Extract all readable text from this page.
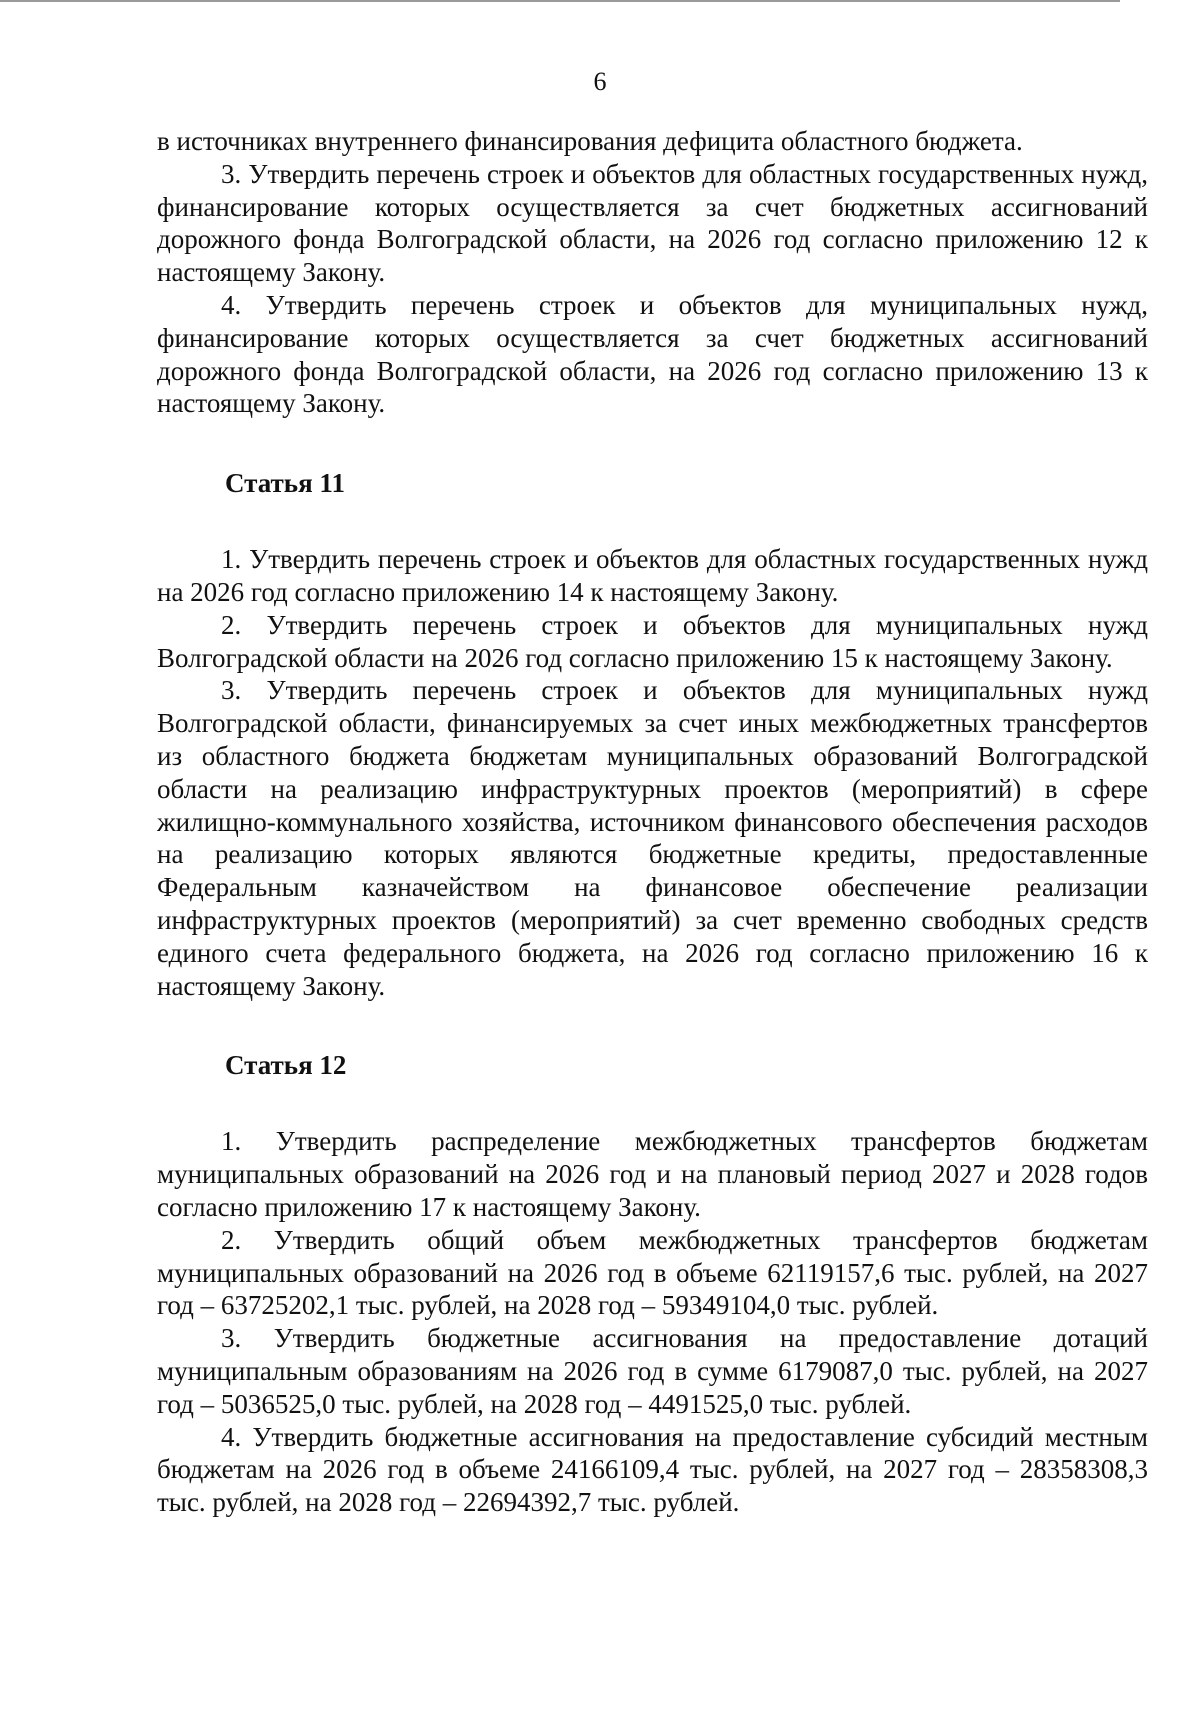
6

в источниках внутреннего финансирования дефицита областного бюджета.

3. Утвердить перечень строек и объектов для областных государственных нужд, финансирование которых осуществляется за счет бюджетных ассигнований дорожного фонда Волгоградской области, на 2026 год согласно приложению 12 к настоящему Закону.

4. Утвердить перечень строек и объектов для муниципальных нужд, финансирование которых осуществляется за счет бюджетных ассигнований дорожного фонда Волгоградской области, на 2026 год согласно приложению 13 к настоящему Закону.

Статья 11

1. Утвердить перечень строек и объектов для областных государственных нужд на 2026 год согласно приложению 14 к настоящему Закону.

2. Утвердить перечень строек и объектов для муниципальных нужд Волгоградской области на 2026 год согласно приложению 15 к настоящему Закону.

3. Утвердить перечень строек и объектов для муниципальных нужд Волгоградской области, финансируемых за счет иных межбюджетных трансфертов из областного бюджета бюджетам муниципальных образований Волгоградской области на реализацию инфраструктурных проектов (мероприятий) в сфере жилищно-коммунального хозяйства, источником финансового обеспечения расходов на реализацию которых являются бюджетные кредиты, предоставленные Федеральным казначейством на финансовое обеспечение реализации инфраструктурных проектов (мероприятий) за счет временно свободных средств единого счета федерального бюджета, на 2026 год согласно приложению 16 к настоящему Закону.

Статья 12

1. Утвердить распределение межбюджетных трансфертов бюджетам муниципальных образований на 2026 год и на плановый период 2027 и 2028 годов согласно приложению 17 к настоящему Закону.

2. Утвердить общий объем межбюджетных трансфертов бюджетам муниципальных образований на 2026 год в объеме 62119157,6 тыс. рублей, на 2027 год – 63725202,1 тыс. рублей, на 2028 год – 59349104,0 тыс. рублей.

3. Утвердить бюджетные ассигнования на предоставление дотаций муниципальным образованиям на 2026 год в сумме 6179087,0 тыс. рублей, на 2027 год – 5036525,0 тыс. рублей, на 2028 год – 4491525,0 тыс. рублей.

4. Утвердить бюджетные ассигнования на предоставление субсидий местным бюджетам на 2026 год в объеме 24166109,4 тыс. рублей, на 2027 год – 28358308,3 тыс. рублей, на 2028 год – 22694392,7 тыс. рублей.
